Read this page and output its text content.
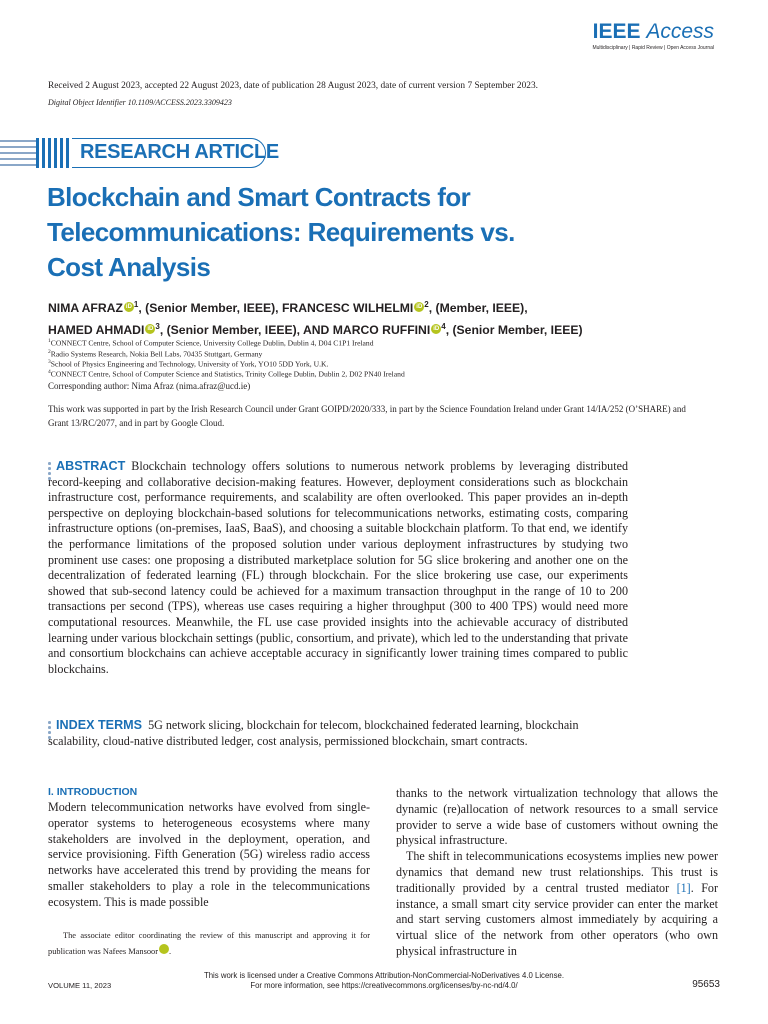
IEEE Access
Multidisciplinary | Rapid Review | Open Access Journal
Received 2 August 2023, accepted 22 August 2023, date of publication 28 August 2023, date of current version 7 September 2023.
Digital Object Identifier 10.1109/ACCESS.2023.3309423
RESEARCH ARTICLE
Blockchain and Smart Contracts for Telecommunications: Requirements vs. Cost Analysis
NIMA AFRAZ iD $^1$, (Senior Member, IEEE), FRANCESC WILHELMI iD $^2$, (Member, IEEE),
HAMED AHMADI iD $^3$, (Senior Member, IEEE), AND MARCO RUFFINI iD $^4$, (Senior Member, IEEE)
$^1$CONNECT Centre, School of Computer Science, University College Dublin, Dublin 4, D04 C1P1 Ireland
$^2$Radio Systems Research, Nokia Bell Labs, 70435 Stuttgart, Germany
$^3$School of Physics Engineering and Technology, University of York, YO10 5DD York, U.K.
$^4$CONNECT Centre, School of Computer Science and Statistics, Trinity College Dublin, Dublin 2, D02 PN40 Ireland
Corresponding author: Nima Afraz (nima.afraz@ucd.ie)
This work was supported in part by the Irish Research Council under Grant GOIPD/2020/333, in part by the Science Foundation Ireland under Grant 14/IA/252 (O’SHARE) and Grant 13/RC/2077, and in part by Google Cloud.
ABSTRACT Blockchain technology offers solutions to numerous network problems by leveraging distributed record-keeping and collaborative decision-making features. However, deployment considerations such as blockchain infrastructure cost, performance requirements, and scalability are often overlooked. This paper provides an in-depth perspective on deploying blockchain-based solutions for telecommunications networks, estimating costs, comparing infrastructure options (on-premises, IaaS, BaaS), and choosing a suitable blockchain platform. To that end, we identify the performance limitations of the proposed solution under various deployment infrastructures by studying two prominent use cases: one proposing a distributed marketplace solution for 5G slice brokering and another one on the decentralization of federated learning (FL) through blockchain. For the slice brokering use case, our experiments showed that sub-second latency could be achieved for a maximum transaction throughput in the range of 10 to 200 transactions per second (TPS), whereas use cases requiring a higher throughput (300 to 400 TPS) would need more computational resources. Meanwhile, the FL use case provided insights into the achievable accuracy of distributed learning under various blockchain settings (public, consortium, and private), which led to the understanding that private and consortium blockchains can achieve acceptable accuracy in significantly lower training times compared to public blockchains.
INDEX TERMS 5G network slicing, blockchain for telecom, blockchained federated learning, blockchain scalability, cloud-native distributed ledger, cost analysis, permissioned blockchain, smart contracts.
I. INTRODUCTION
Modern telecommunication networks have evolved from single-operator systems to heterogeneous ecosystems where many stakeholders are involved in the deployment, operation, and service provisioning. Fifth Generation (5G) wireless radio access networks have accelerated this trend by providing the means for smaller stakeholders to play a role in the telecommunications ecosystem. This is made possible

thanks to the network virtualization technology that allows the dynamic (re)allocation of network resources to a small service provider to serve a wide base of customers without owning the physical infrastructure.

The shift in telecommunications ecosystems implies new power dynamics that demand new trust relationships. This trust is traditionally provided by a central trusted mediator [1]. For instance, a small smart city service provider can enter the market and start serving customers almost immediately by acquiring a virtual slice of the network from other operators (who own physical infrastructure in

The associate editor coordinating the review of this manuscript and approving it for publication was Nafees Mansoor	iD.
This work is licensed under a Creative Commons Attribution-NonCommercial-NoDerivatives 4.0 License.
For more information, see https://creativecommons.org/licenses/by-nc-nd/4.0/
VOLUME 11, 2023	95653
